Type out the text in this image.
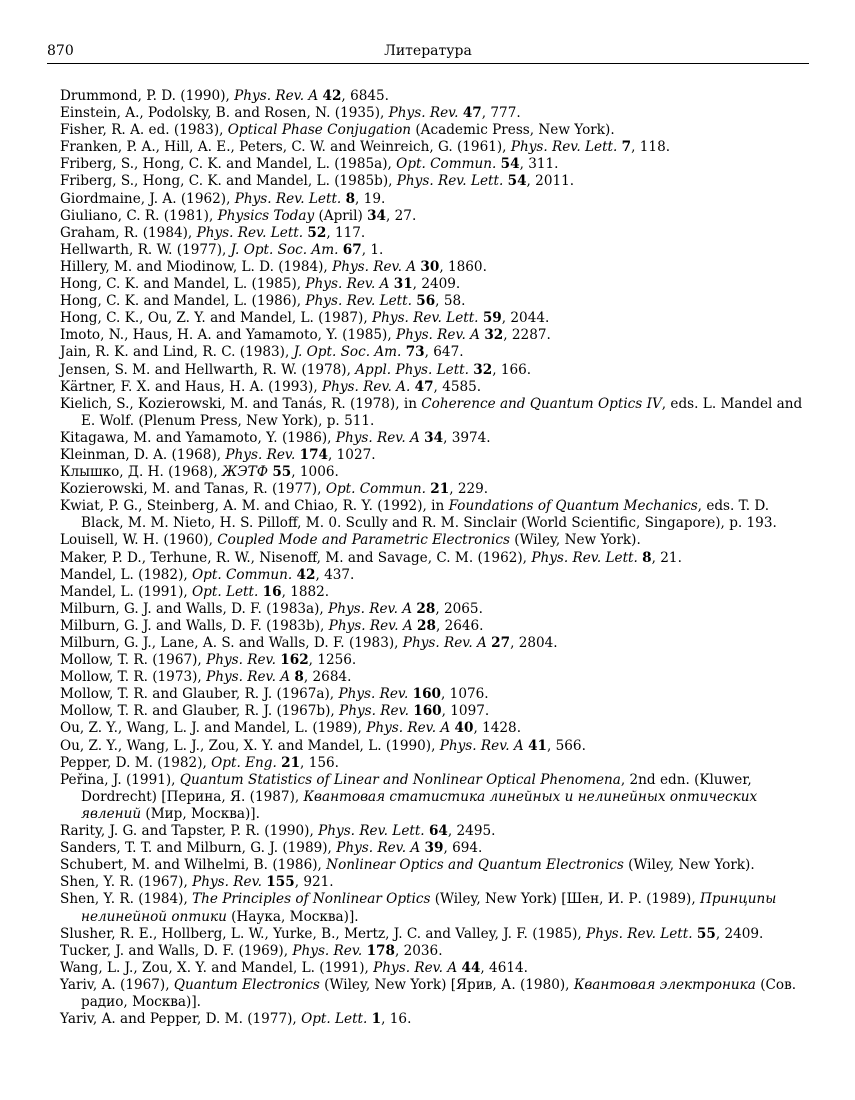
870	Литература
Drummond, P. D. (1990), Phys. Rev. A 42, 6845.
Einstein, A., Podolsky, B. and Rosen, N. (1935), Phys. Rev. 47, 777.
Fisher, R. A. ed. (1983), Optical Phase Conjugation (Academic Press, New York).
Franken, P. A., Hill, A. E., Peters, C. W. and Weinreich, G. (1961), Phys. Rev. Lett. 7, 118.
Friberg, S., Hong, C. K. and Mandel, L. (1985a), Opt. Commun. 54, 311.
Friberg, S., Hong, C. K. and Mandel, L. (1985b), Phys. Rev. Lett. 54, 2011.
Giordmaine, J. A. (1962), Phys. Rev. Lett. 8, 19.
Giuliano, C. R. (1981), Physics Today (April) 34, 27.
Graham, R. (1984), Phys. Rev. Lett. 52, 117.
Hellwarth, R. W. (1977), J. Opt. Soc. Am. 67, 1.
Hillery, M. and Miodinow, L. D. (1984), Phys. Rev. A 30, 1860.
Hong, C. K. and Mandel, L. (1985), Phys. Rev. A 31, 2409.
Hong, C. K. and Mandel, L. (1986), Phys. Rev. Lett. 56, 58.
Hong, C. K., Ou, Z. Y. and Mandel, L. (1987), Phys. Rev. Lett. 59, 2044.
Imoto, N., Haus, H. A. and Yamamoto, Y. (1985), Phys. Rev. A 32, 2287.
Jain, R. K. and Lind, R. C. (1983), J. Opt. Soc. Am. 73, 647.
Jensen, S. M. and Hellwarth, R. W. (1978), Appl. Phys. Lett. 32, 166.
Kärtner, F. X. and Haus, H. A. (1993), Phys. Rev. A. 47, 4585.
Kielich, S., Kozierowski, M. and Tanás, R. (1978), in Coherence and Quantum Optics IV, eds. L. Mandel and E. Wolf. (Plenum Press, New York), p. 511.
Kitagawa, M. and Yamamoto, Y. (1986), Phys. Rev. A 34, 3974.
Kleinman, D. A. (1968), Phys. Rev. 174, 1027.
Клышко, Д. Н. (1968), ЖЭТФ 55, 1006.
Kozierowski, M. and Tanas, R. (1977), Opt. Commun. 21, 229.
Kwiat, P. G., Steinberg, A. M. and Chiao, R. Y. (1992), in Foundations of Quantum Mechanics, eds. T. D. Black, M. M. Nieto, H. S. Pilloff, M. 0. Scully and R. M. Sinclair (World Scientific, Singapore), p. 193.
Louisell, W. H. (1960), Coupled Mode and Parametric Electronics (Wiley, New York).
Maker, P. D., Terhune, R. W., Nisenoff, M. and Savage, C. M. (1962), Phys. Rev. Lett. 8, 21.
Mandel, L. (1982), Opt. Commun. 42, 437.
Mandel, L. (1991), Opt. Lett. 16, 1882.
Milburn, G. J. and Walls, D. F. (1983a), Phys. Rev. A 28, 2065.
Milburn, G. J. and Walls, D. F. (1983b), Phys. Rev. A 28, 2646.
Milburn, G. J., Lane, A. S. and Walls, D. F. (1983), Phys. Rev. A 27, 2804.
Mollow, T. R. (1967), Phys. Rev. 162, 1256.
Mollow, T. R. (1973), Phys. Rev. A 8, 2684.
Mollow, T. R. and Glauber, R. J. (1967a), Phys. Rev. 160, 1076.
Mollow, T. R. and Glauber, R. J. (1967b), Phys. Rev. 160, 1097.
Ou, Z. Y., Wang, L. J. and Mandel, L. (1989), Phys. Rev. A 40, 1428.
Ou, Z. Y., Wang, L. J., Zou, X. Y. and Mandel, L. (1990), Phys. Rev. A 41, 566.
Pepper, D. M. (1982), Opt. Eng. 21, 156.
Peřina, J. (1991), Quantum Statistics of Linear and Nonlinear Optical Phenomena, 2nd edn. (Kluwer, Dordrecht) [Перина, Я. (1987), Квантовая статистика линейных и нелинейных оптических явлений (Мир, Москва)].
Rarity, J. G. and Tapster, P. R. (1990), Phys. Rev. Lett. 64, 2495.
Sanders, T. T. and Milburn, G. J. (1989), Phys. Rev. A 39, 694.
Schubert, M. and Wilhelmi, B. (1986), Nonlinear Optics and Quantum Electronics (Wiley, New York).
Shen, Y. R. (1967), Phys. Rev. 155, 921.
Shen, Y. R. (1984), The Principles of Nonlinear Optics (Wiley, New York) [Шен, И. Р. (1989), Принципы нелинейной оптики (Наука, Москва)].
Slusher, R. E., Hollberg, L. W., Yurke, B., Mertz, J. C. and Valley, J. F. (1985), Phys. Rev. Lett. 55, 2409.
Tucker, J. and Walls, D. F. (1969), Phys. Rev. 178, 2036.
Wang, L. J., Zou, X. Y. and Mandel, L. (1991), Phys. Rev. A 44, 4614.
Yariv, A. (1967), Quantum Electronics (Wiley, New York) [Ярив, А. (1980), Квантовая электроника (Сов. радио, Москва)].
Yariv, A. and Pepper, D. M. (1977), Opt. Lett. 1, 16.
